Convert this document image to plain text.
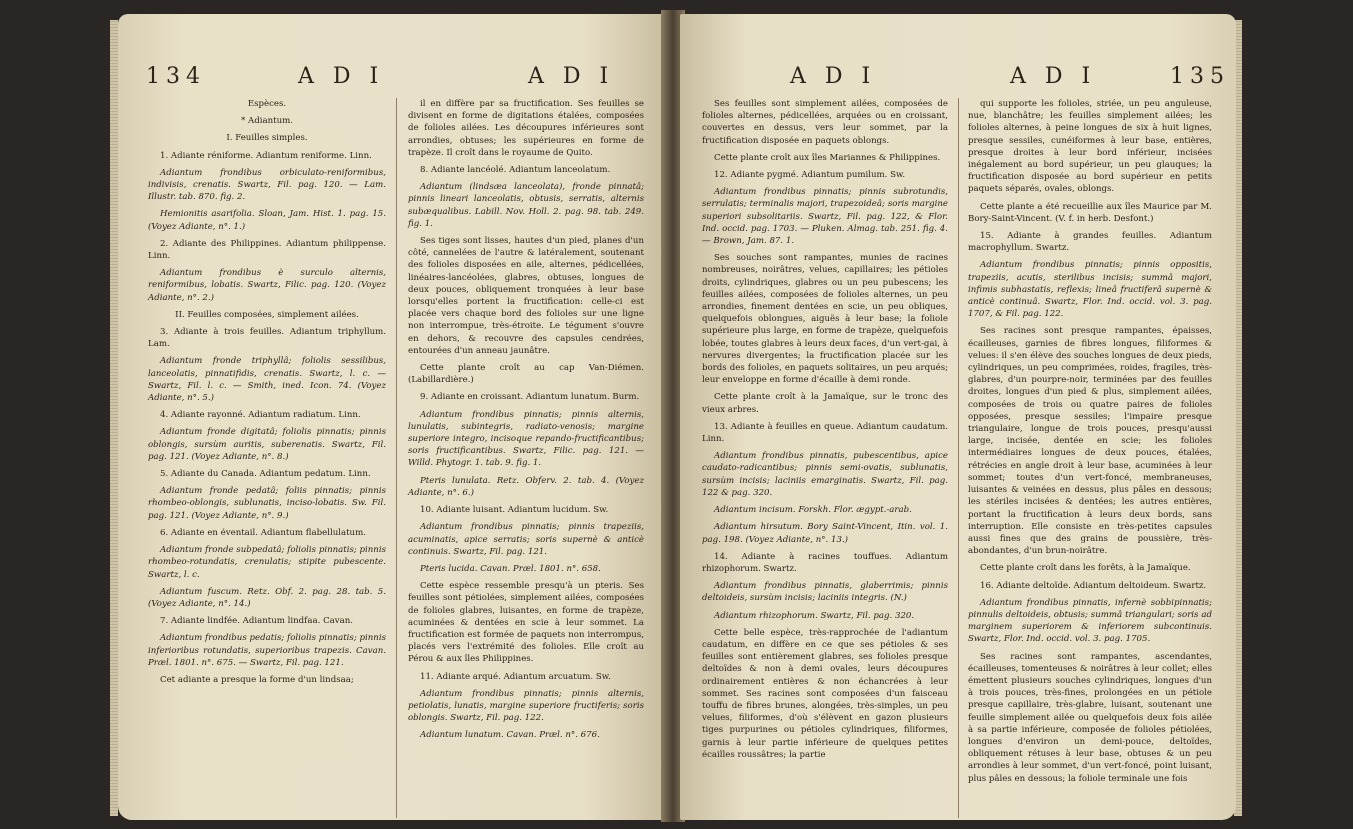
134	A D I	A D I

Espèces.

* Adiantum.

I. Feuilles simples.

1. Adiante réniforme. Adiantum reniforme. Linn.

Adiantum frondibus orbiculato-reniformibus, indivisis, crenatis. Swartz, Fil. pag. 120. — Lam. Illustr. tab. 870. fig. 2.

Hemionitis asarifolia. Sloan, Jam. Hist. 1. pag. 15. (Voyez Adiante, n°. 1.)

2. Adiante des Philippines. Adiantum philippense. Linn.

Adiantum frondibus è surculo alternis, reniformibus, lobatis. Swartz, Filic. pag. 120. (Voyez Adiante, n°. 2.)

II. Feuilles composées, simplement ailées.

3. Adiante à trois feuilles. Adiantum triphyllum. Lam.

Adiantum fronde triphyllâ; foliolis sessilibus, lanceolatis, pinnatifidis, crenatis. Swartz, l. c. — Swartz, Fil. l. c. — Smith, ined. Icon. 74. (Voyez Adiante, n°. 5.)

4. Adiante rayonné. Adiantum radiatum. Linn.

Adiantum fronde digitatâ; foliolis pinnatis; pinnis oblongis, sursùm auritis, suberenatis. Swartz, Fil. pag. 121. (Voyez Adiante, n°. 8.)

5. Adiante du Canada. Adiantum pedatum. Linn.

Adiantum fronde pedatâ; foliis pinnatis; pinnis rhombeo-oblongis, sublunatis, inciso-lobatis. Sw. Fil. pag. 121. (Voyez Adiante, n°. 9.)

6. Adiante en éventail. Adiantum flabellulatum.

Adiantum fronde subpedatâ; foliolis pinnatis; pinnis rhombeo-rotundatis, crenulatis; stipite pubescente. Swartz, l. c.

Adiantum fuscum. Retz. Obf. 2. pag. 28. tab. 5. (Voyez Adiante, n°. 14.)

7. Adiante lindfée. Adiantum lindfaa. Cavan.

Adiantum frondibus pedatis; foliolis pinnatis; pinnis inferioribus rotundatis, superioribus trapezis. Cavan. Præl. 1801. n°. 675. — Swartz, Fil. pag. 121.

Cet adiante a presque la forme d'un lindsaa;

il en diffère par sa fructification. Ses feuilles se divisent en forme de digitations étalées, composées de folioles ailées. Les découpures inférieures sont arrondies, obtuses; les supérieures en forme de trapèze. Il croît dans le royaume de Quito.

8. Adiante lancéolé. Adiantum lanceolatum.

Adiantum (lindsæa lanceolata), fronde pinnatâ; pinnis lineari lanceolatis, obtusis, serratis, alternis subæqualibus. Labill. Nov. Holl. 2. pag. 98. tab. 249. fig. 1.

Ses tiges sont lisses, hautes d'un pied, planes d'un côté, cannelées de l'autre & latéralement, soutenant des folioles disposées en aile, alternes, pédicellées, linéaires-lancéolées, glabres, obtuses, longues de deux pouces, obliquement tronquées à leur base lorsqu'elles portent la fructification: celle-ci est placée vers chaque bord des folioles sur une ligne non interrompue, très-étroite. Le tégument s'ouvre en dehors, & recouvre des capsules cendrées, entourées d'un anneau jaunâtre.

Cette plante croît au cap Van-Diémen. (Labillardière.)

9. Adiante en croissant. Adiantum lunatum. Burm.

Adiantum frondibus pinnatis; pinnis alternis, lunulatis, subintegris, radiato-venosis; margine superiore integro, incisoque repando-fructificantibus; soris fructificantibus. Swartz, Filic. pag. 121. — Willd. Phytogr. 1. tab. 9. fig. 1.

Pteris lunulata. Retz. Obferv. 2. tab. 4. (Voyez Adiante, n°. 6.)

10. Adiante luisant. Adiantum lucidum. Sw.

Adiantum frondibus pinnatis; pinnis trapeziis, acuminatis, apice serratis; soris supernè & anticè continuis. Swartz, Fil. pag. 121.

Pteris lucida. Cavan. Præl. 1801. n°. 658.

Cette espèce ressemble presqu'à un pteris. Ses feuilles sont pétiolées, simplement ailées, composées de folioles glabres, luisantes, en forme de trapèze, acuminées & dentées en scie à leur sommet. La fructification est formée de paquets non interrompus, placés vers l'extrémité des folioles. Elle croît au Pérou & aux îles Philippines.

11. Adiante arqué. Adiantum arcuatum. Sw.

Adiantum frondibus pinnatis; pinnis alternis, petiolatis, lunatis, margine superiore fructiferis; soris oblongis. Swartz, Fil. pag. 122.

Adiantum lunatum. Cavan. Præl. n°. 676.

A D I	A D I	135

Ses feuilles sont simplement ailées, composées de folioles alternes, pédicellées, arquées ou en croissant, couvertes en dessus, vers leur sommet, par la fructification disposée en paquets oblongs.

Cette plante croît aux îles Mariannes & Philippines.

12. Adiante pygmé. Adiantum pumilum. Sw.

Adiantum frondibus pinnatis; pinnis subrotundis, serrulatis; terminalis majori, trapezoideâ; soris margine superiori subsolitariis. Swartz, Fil. pag. 122, & Flor. Ind. occid. pag. 1703. — Pluken. Almag. tab. 251. fig. 4. — Brown, Jam. 87. 1.

Ses souches sont rampantes, munies de racines nombreuses, noirâtres, velues, capillaires; les pétioles droits, cylindriques, glabres ou un peu pubescens; les feuilles ailées, composées de folioles alternes, un peu arrondies, finement dentées en scie, un peu obliques, quelquefois oblongues, aiguës à leur base; la foliole supérieure plus large, en forme de trapèze, quelquefois lobée, toutes glabres à leurs deux faces, d'un vert-gai, à nervures divergentes; la fructification placée sur les bords des folioles, en paquets solitaires, un peu arqués; leur enveloppe en forme d'écaille à demi ronde.

Cette plante croît à la Jamaïque, sur le tronc des vieux arbres.

13. Adiante à feuilles en queue. Adiantum caudatum. Linn.

Adiantum frondibus pinnatis, pubescentibus, apice caudato-radicantibus; pinnis semi-ovatis, sublunatis, sursùm incisis; laciniis emarginatis. Swartz, Fil. pag. 122 & pag. 320.

Adiantum incisum. Forskh. Flor. ægypt.-arab.

Adiantum hirsutum. Bory Saint-Vincent, Itin. vol. 1. pag. 198. (Voyez Adiante, n°. 13.)

14. Adiante à racines touffues. Adiantum rhizophorum. Swartz.

Adiantum frondibus pinnatis, glaberrimis; pinnis deltoideis, sursùm incisis; laciniis integris. (N.)

Adiantum rhizophorum. Swartz, Fil. pag. 320.

Cette belle espèce, très-rapprochée de l'adiantum caudatum, en diffère en ce que ses pétioles & ses feuilles sont entièrement glabres, ses folioles presque deltoïdes & non à demi ovales, leurs découpures ordinairement entières & non échancrées à leur sommet. Ses racines sont composées d'un faisceau touffu de fibres brunes, alongées, très-simples, un peu velues, filiformes, d'où s'élèvent en gazon plusieurs tiges purpurines ou pétioles cylindriques, filiformes, garnis à leur partie inférieure de quelques petites écailles roussâtres; la partie

qui supporte les folioles, striée, un peu anguleuse, nue, blanchâtre; les feuilles simplement ailées; les folioles alternes, à peine longues de six à huit lignes, presque sessiles, cunéiformes à leur base, entières, presque droites à leur bord inférieur, incisées inégalement au bord supérieur, un peu glauques; la fructification disposée au bord supérieur en petits paquets séparés, ovales, oblongs.

Cette plante a été recueillie aux îles Maurice par M. Bory-Saint-Vincent. (V. f. in herb. Desfont.)

15. Adiante à grandes feuilles. Adiantum macrophyllum. Swartz.

Adiantum frondibus pinnatis; pinnis oppositis, trapeziis, acutis, sterilibus incisis; summâ majori, infimis subhastatis, reflexis; lineâ fructiferâ supernè & anticè continuâ. Swartz, Flor. Ind. occid. vol. 3. pag. 1707, & Fil. pag. 122.

Ses racines sont presque rampantes, épaisses, écailleuses, garnies de fibres longues, filiformes & velues: il s'en élève des souches longues de deux pieds, cylindriques, un peu comprimées, roides, fragiles, très-glabres, d'un pourpre-noir, terminées par des feuilles droites, longues d'un pied & plus, simplement ailées, composées de trois ou quatre paires de folioles opposées, presque sessiles; l'impaire presque triangulaire, longue de trois pouces, presqu'aussi large, incisée, dentée en scie; les folioles intermédiaires longues de deux pouces, étalées, rétrécies en angle droit à leur base, acuminées à leur sommet; toutes d'un vert-foncé, membraneuses, luisantes & veinées en dessus, plus pâles en dessous; les stériles incisées & dentées; les autres entières, portant la fructification à leurs deux bords, sans interruption. Elle consiste en très-petites capsules aussi fines que des grains de poussière, très-abondantes, d'un brun-noirâtre.

Cette plante croît dans les forêts, à la Jamaïque.

16. Adiante deltoïde. Adiantum deltoideum. Swartz.

Adiantum frondibus pinnatis, infernè sobbipinnatis; pinnulis deltoideis, obtusis; summâ triangulari; soris ad marginem superiorem & inferiorem subcontinuis. Swartz, Flor. Ind. occid. vol. 3. pag. 1705.

Ses racines sont rampantes, ascendantes, écailleuses, tomenteuses & noirâtres à leur collet; elles émettent plusieurs souches cylindriques, longues d'un à trois pouces, très-fines, prolongées en un pétiole presque capillaire, très-glabre, luisant, soutenant une feuille simplement ailée ou quelquefois deux fois ailée à sa partie inférieure, composée de folioles pétiolées, longues d'environ un demi-pouce, deltoïdes, obliquement rétuses à leur base, obtuses & un peu arrondies à leur sommet, d'un vert-foncé, point luisant, plus pâles en dessous; la foliole terminale une fois
